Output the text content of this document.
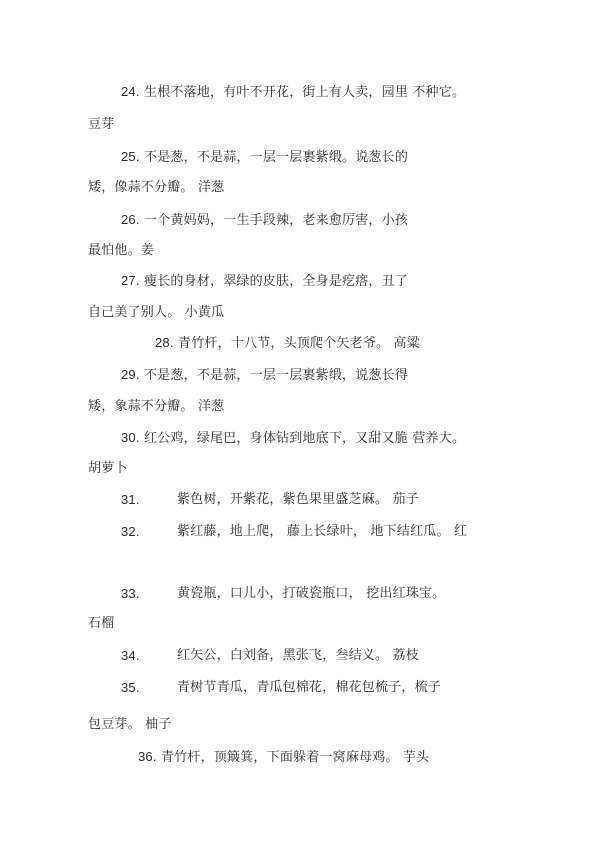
24. 生根不落地，有叶不开花，街上有人卖，园里 不种它。
豆芽
25. 不是葱，不是蒜，一层一层裹紫缎。说葱长的
矮，像蒜不分瓣。 洋葱
26. 一个黄妈妈，一生手段辣，老来愈厉害，小孩
最怕他。姜
27. 瘦长的身材，翠绿的皮肤，全身是疙瘩，丑了
自己美了别人。 小黄瓜
28. 青竹杆，十八节，头顶爬个矢老爷。 高粱
29. 不是葱，不是蒜，一层一层裹紫缎，说葱长得
矮，象蒜不分瓣。 洋葱
30. 红公鸡，绿尾巴，身体钻到地底下，又甜又脆 营养大。
胡萝卜
31.	紫色树，开紫花，紫色果里盛芝麻。 茄子
32.	紫红藤，地上爬， 藤上长绿叶， 地下结红瓜。 红
33.	黄瓷瓶，口儿小，打破瓷瓶口， 挖出红珠宝。
石榴
34.	红矢公，白刘备，黑张飞，叁结义。 荔枝
35.	青树节青瓜，青瓜包棉花，棉花包梳子，梳子
包豆芽。 柚子
36. 青竹杆，顶簸箕，下面躲着一窝麻母鸡。 芋头
